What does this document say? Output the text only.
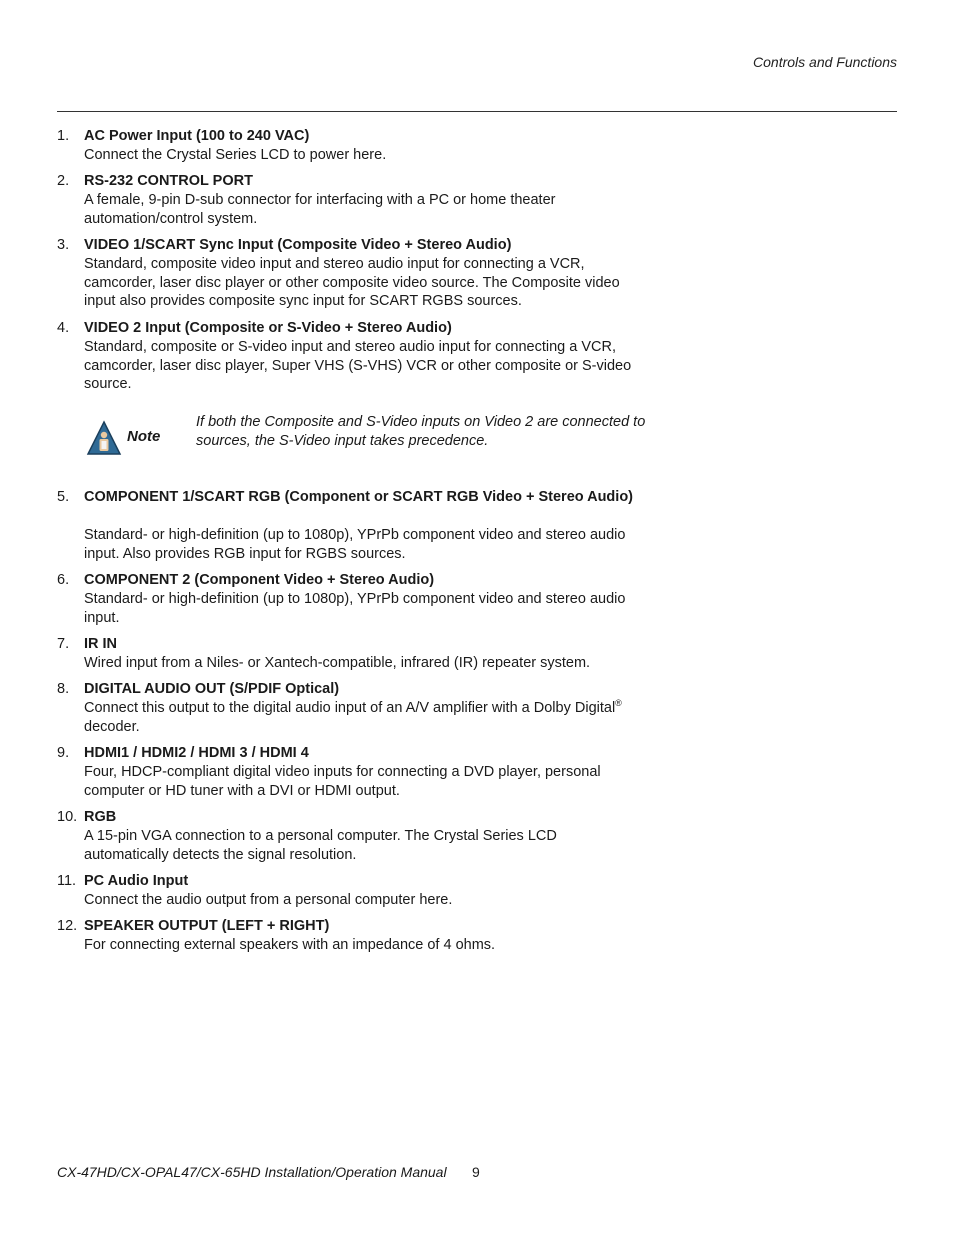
Controls and Functions
1.	AC Power Input (100 to 240 VAC)
Connect the Crystal Series LCD to power here.
2.	RS-232 CONTROL PORT
A female, 9-pin D-sub connector for interfacing with a PC or home theater automation/control system.
3.	VIDEO 1/SCART Sync Input (Composite Video + Stereo Audio)
Standard, composite video input and stereo audio input for connecting a VCR, camcorder, laser disc player or other composite video source. The Composite video input also provides composite sync input for SCART RGBS sources.
4.	VIDEO 2 Input (Composite or S-Video + Stereo Audio)
Standard, composite or S-video input and stereo audio input for connecting a VCR, camcorder, laser disc player, Super VHS (S-VHS) VCR or other composite or S-video source.
Note
If both the Composite and S-Video inputs on Video 2 are connected to sources, the S-Video input takes precedence.
5.	COMPONENT 1/SCART RGB (Component or SCART RGB Video + Stereo Audio)
Standard- or high-definition (up to 1080p), YPrPb component video and stereo audio input. Also provides RGB input for RGBS sources.
6.	COMPONENT 2 (Component Video + Stereo Audio)
Standard- or high-definition (up to 1080p), YPrPb component video and stereo audio input.
7.	IR IN
Wired input from a Niles- or Xantech-compatible, infrared (IR) repeater system.
8.	DIGITAL AUDIO OUT (S/PDIF Optical)
Connect this output to the digital audio input of an A/V amplifier with a Dolby Digital® decoder.
9.	HDMI1 / HDMI2 / HDMI 3 / HDMI 4
Four, HDCP-compliant digital video inputs for connecting a DVD player, personal computer or HD tuner with a DVI or HDMI output.
10. RGB
A 15-pin VGA connection to a personal computer. The Crystal Series LCD automatically detects the signal resolution.
11. PC Audio Input
Connect the audio output from a personal computer here.
12. SPEAKER OUTPUT (LEFT + RIGHT)
For connecting external speakers with an impedance of 4 ohms.
CX-47HD/CX-OPAL47/CX-65HD Installation/Operation Manual 9
